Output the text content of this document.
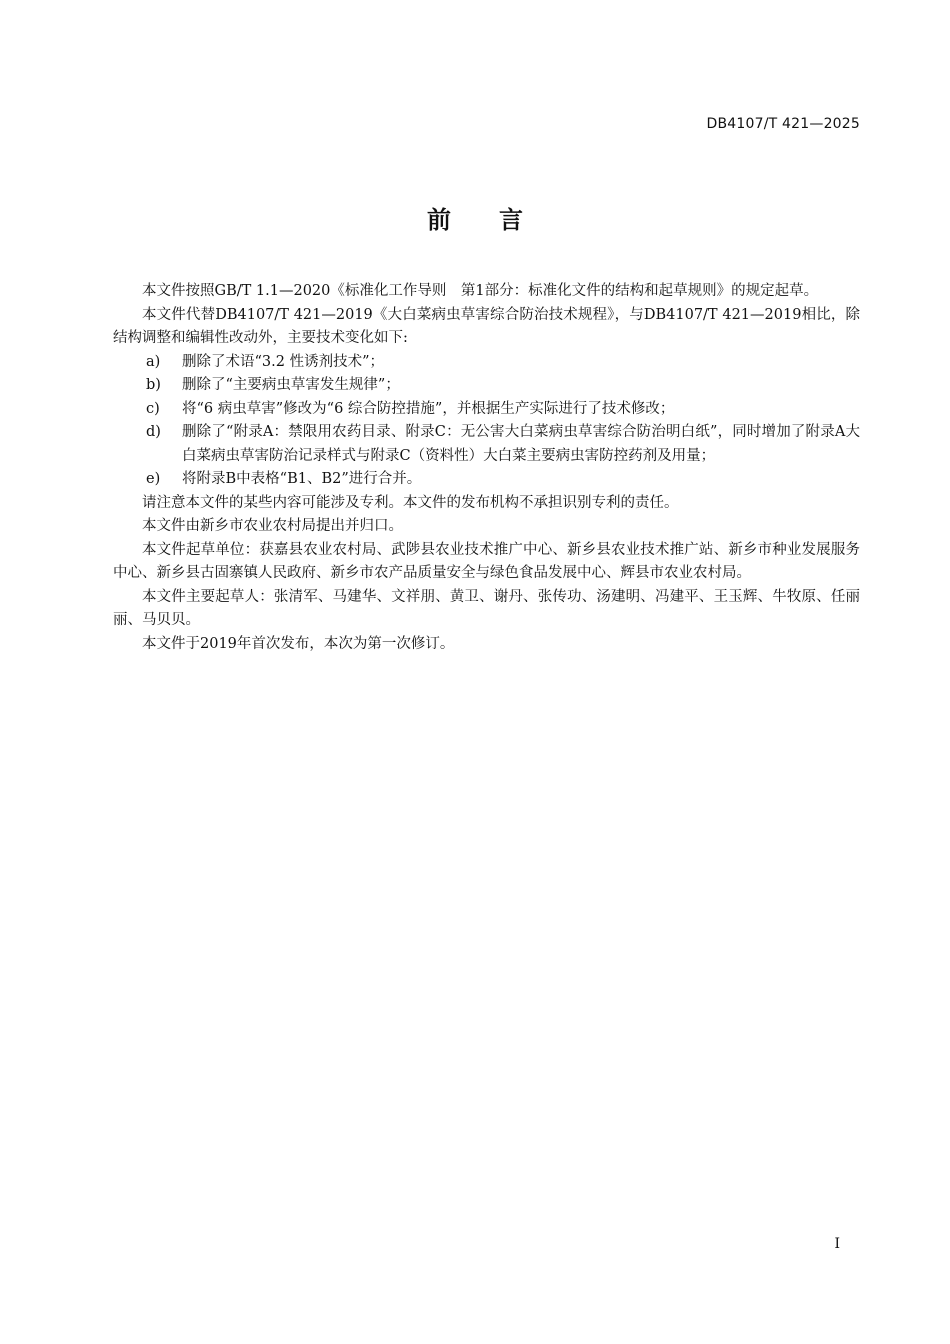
DB4107/T 421—2025
前言

本文件按照GB/T 1.1—2020《标准化工作导则　第1部分：标准化文件的结构和起草规则》的规定起草。

本文件代替DB4107/T 421—2019《大白菜病虫草害综合防治技术规程》，与DB4107/T 421—2019相比，除结构调整和编辑性改动外，主要技术变化如下:

a)	删除了术语“3.2 性诱剂技术”；
b)	删除了“主要病虫草害发生规律”；
c)	将“6 病虫草害”修改为“6 综合防控措施”，并根据生产实际进行了技术修改；
d)	删除了“附录A：禁限用农药目录、附录C：无公害大白菜病虫草害综合防治明白纸”，同时增加了附录A大白菜病虫草害防治记录样式与附录C（资料性）大白菜主要病虫害防控药剂及用量；
e)	将附录B中表格“B1、B2”进行合并。

请注意本文件的某些内容可能涉及专利。本文件的发布机构不承担识别专利的责任。

本文件由新乡市农业农村局提出并归口。

本文件起草单位：获嘉县农业农村局、武陟县农业技术推广中心、新乡县农业技术推广站、新乡市种业发展服务中心、新乡县古固寨镇人民政府、新乡市农产品质量安全与绿色食品发展中心、辉县市农业农村局。

本文件主要起草人：张清军、马建华、文祥朋、黄卫、谢丹、张传功、汤建明、冯建平、王玉辉、牛牧原、任丽丽、马贝贝。

本文件于2019年首次发布，本次为第一次修订。

I
